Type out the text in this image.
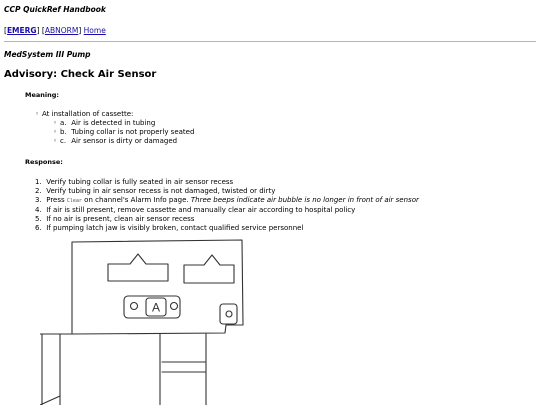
CCP QuickRef Handbook
[EMERG] [ABNORM] Home
MedSystem III Pump
Advisory: Check Air Sensor
Meaning:
◦ At installation of cassette:
◦ a. Air is detected in tubing
◦ b. Tubing collar is not properly seated
◦ c. Air sensor is dirty or damaged
Response:
1. Verify tubing collar is fully seated in air sensor recess
2. Verify tubing in air sensor recess is not damaged, twisted or dirty
3. Press Clear on channel's Alarm Info page. Three beeps indicate air bubble is no longer in front of air sensor
4. If air is still present, remove cassette and manually clear air according to hospital policy
5. If no air is present, clean air sensor recess
6. If pumping latch jaw is visibly broken, contact qualified service personnel
A
